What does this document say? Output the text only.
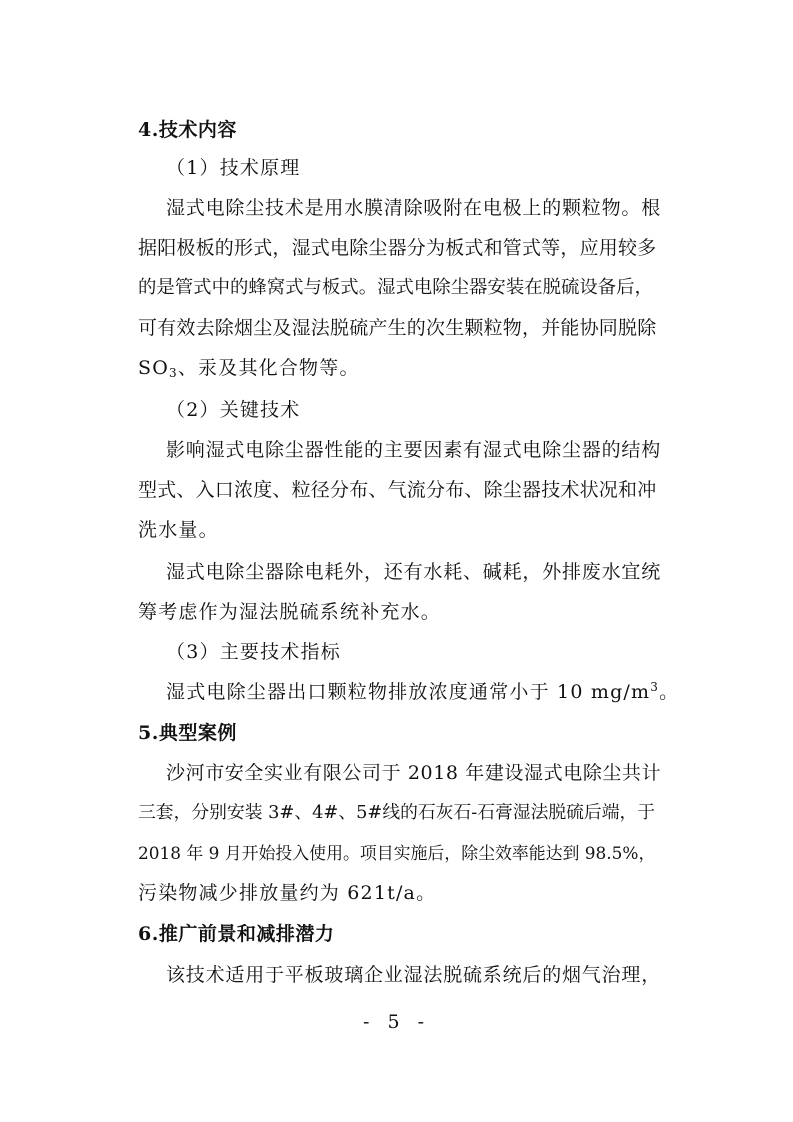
4.技术内容
（1）技术原理
湿式电除尘技术是用水膜清除吸附在电极上的颗粒物。根
据阳极板的形式，湿式电除尘器分为板式和管式等，应用较多
的是管式中的蜂窝式与板式。湿式电除尘器安装在脱硫设备后，
可有效去除烟尘及湿法脱硫产生的次生颗粒物，并能协同脱除
$SO_3$、汞及其化合物等。
（2）关键技术
影响湿式电除尘器性能的主要因素有湿式电除尘器的结构
型式、入口浓度、粒径分布、气流分布、除尘器技术状况和冲
洗水量。
湿式电除尘器除电耗外，还有水耗、碱耗，外排废水宜统
筹考虑作为湿法脱硫系统补充水。
（3）主要技术指标
湿式电除尘器出口颗粒物排放浓度通常小于 10 $mg/m^3$。
5.典型案例
沙河市安全实业有限公司于 2018 年建设湿式电除尘共计
三套，分别安装 3#、4#、5#线的石灰石-石膏湿法脱硫后端，于
2018 年 9 月开始投入使用。项目实施后，除尘效率能达到 98.5%，
污染物减少排放量约为 621t/a。
6.推广前景和减排潜力
该技术适用于平板玻璃企业湿法脱硫系统后的烟气治理，
- 5 -
